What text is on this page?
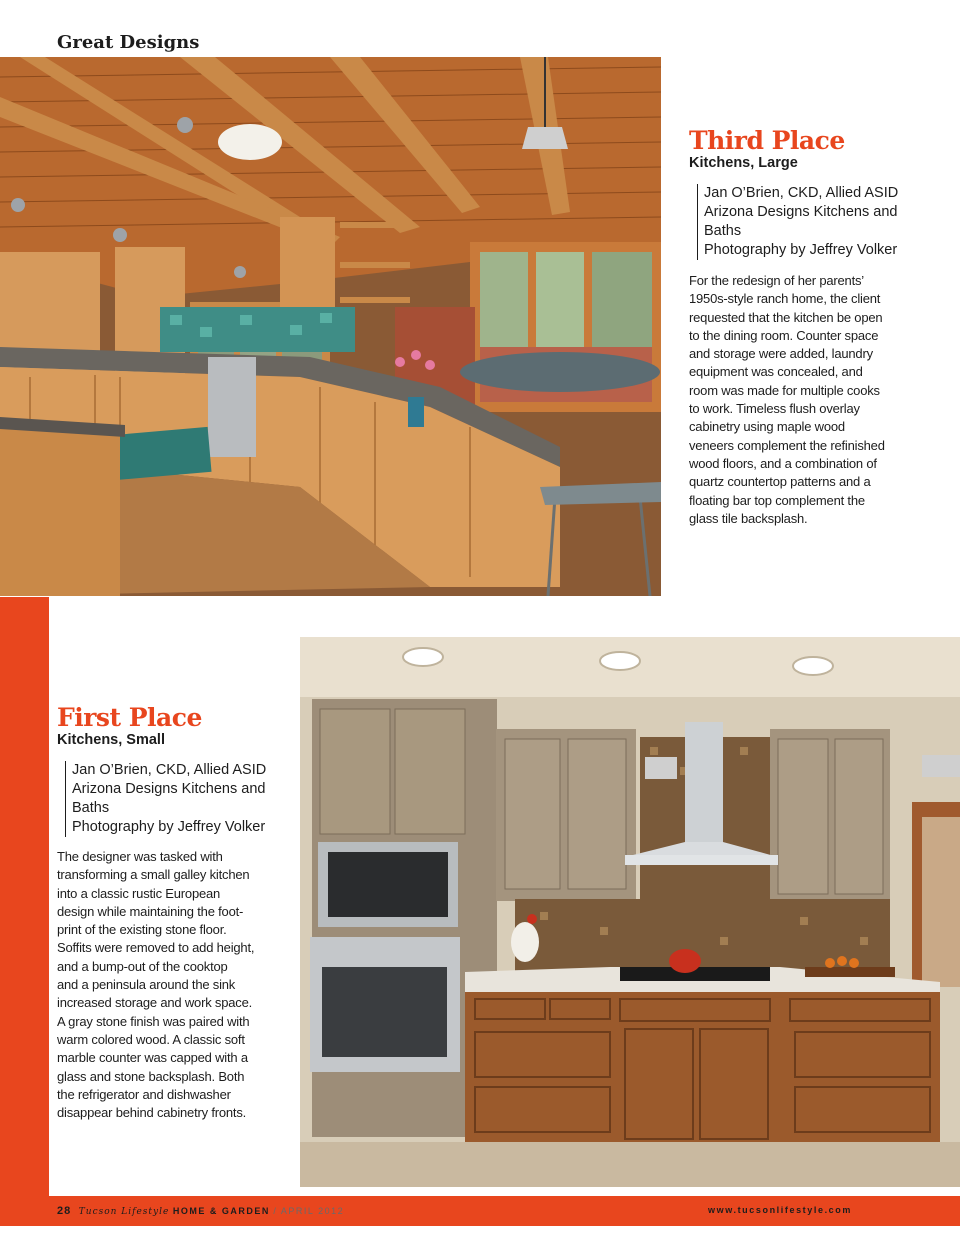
Great Designs
Third Place
Kitchens, Large
Jan O’Brien, CKD, Allied ASID
Arizona Designs Kitchens and
Baths
Photography by Jeffrey Volker
For the redesign of her parents’
1950s-style ranch home, the client
requested that the kitchen be open
to the dining room. Counter space
and storage were added, laundry
equipment was concealed, and
room was made for multiple cooks
to work. Timeless flush overlay
cabinetry using maple wood
veneers complement the refinished
wood floors, and a combination of
quartz countertop patterns and a
floating bar top complement the
glass tile backsplash.
First Place
Kitchens, Small
Jan O’Brien, CKD, Allied ASID
Arizona Designs Kitchens and
Baths
Photography by Jeffrey Volker
The designer was tasked with
transforming a small galley kitchen
into a classic rustic European
design while maintaining the foot-
print of the existing stone floor.
Soffits were removed to add height,
and a bump-out of the cooktop
and a peninsula around the sink
increased storage and work space.
A gray stone finish was paired with
warm colored wood. A classic soft
marble counter was capped with a
glass and stone backsplash. Both
the refrigerator and dishwasher
disappear behind cabinetry fronts.
28 Tucson Lifestyle HOME & GARDEN / APRIL 2012	www.tucsonlifestyle.com
